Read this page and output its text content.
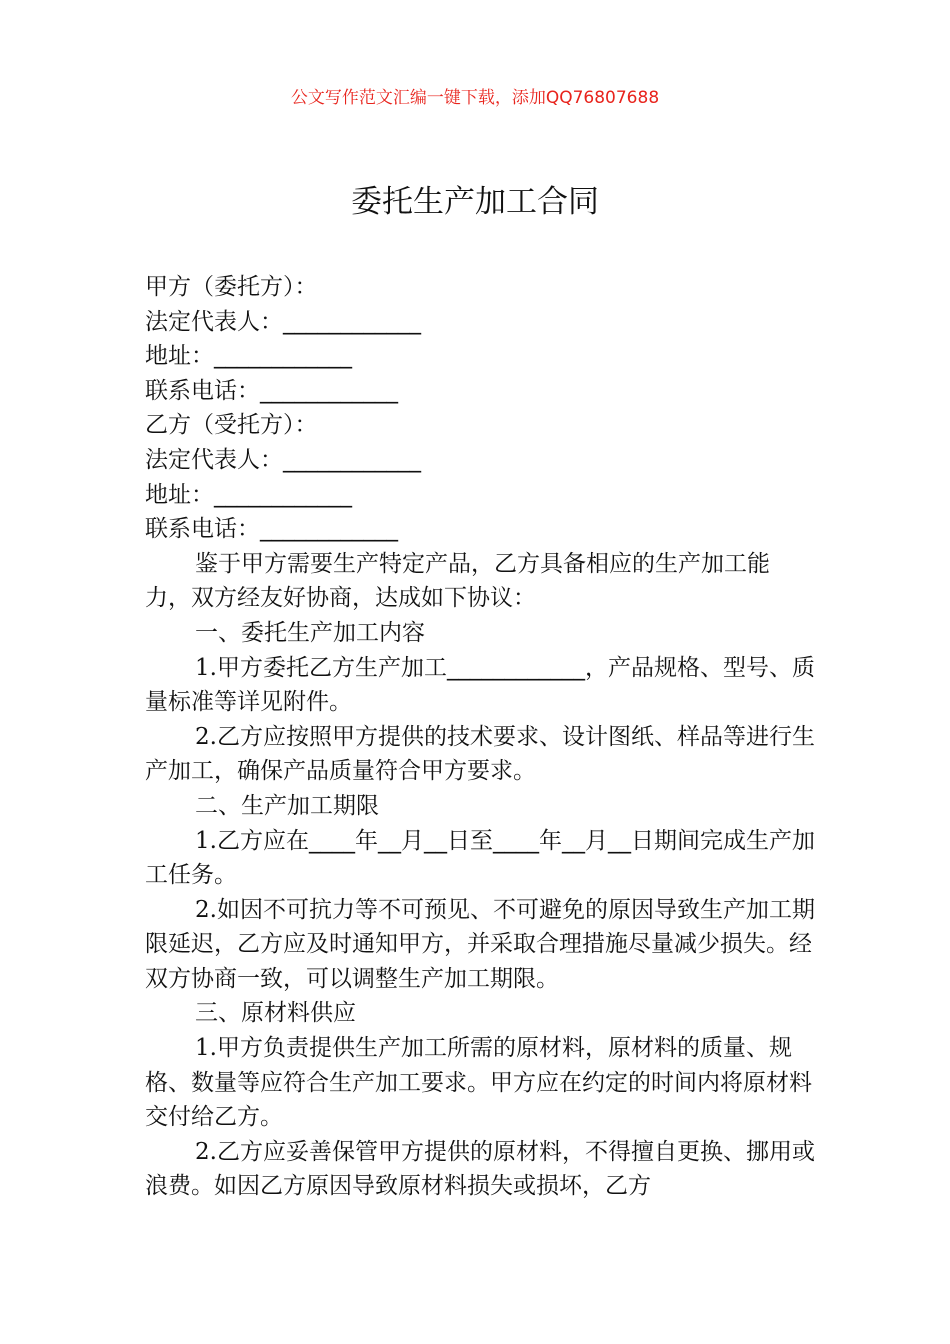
公文写作范文汇编一键下载，添加QQ76807688
委托生产加工合同

甲方（委托方）：

法定代表人：____________

地址：____________

联系电话：____________

乙方（受托方）：

法定代表人：____________

地址：____________

联系电话：____________

鉴于甲方需要生产特定产品，乙方具备相应的生产加工能力，双方经友好协商，达成如下协议：

一、委托生产加工内容

1.甲方委托乙方生产加工____________，产品规格、型号、质量标准等详见附件。

2.乙方应按照甲方提供的技术要求、设计图纸、样品等进行生产加工，确保产品质量符合甲方要求。

二、生产加工期限

1.乙方应在____年__月__日至____年__月__日期间完成生产加工任务。

2.如因不可抗力等不可预见、不可避免的原因导致生产加工期限延迟，乙方应及时通知甲方，并采取合理措施尽量减少损失。经双方协商一致，可以调整生产加工期限。

三、原材料供应

1.甲方负责提供生产加工所需的原材料，原材料的质量、规格、数量等应符合生产加工要求。甲方应在约定的时间内将原材料交付给乙方。

2.乙方应妥善保管甲方提供的原材料，不得擅自更换、挪用或浪费。如因乙方原因导致原材料损失或损坏，乙方
